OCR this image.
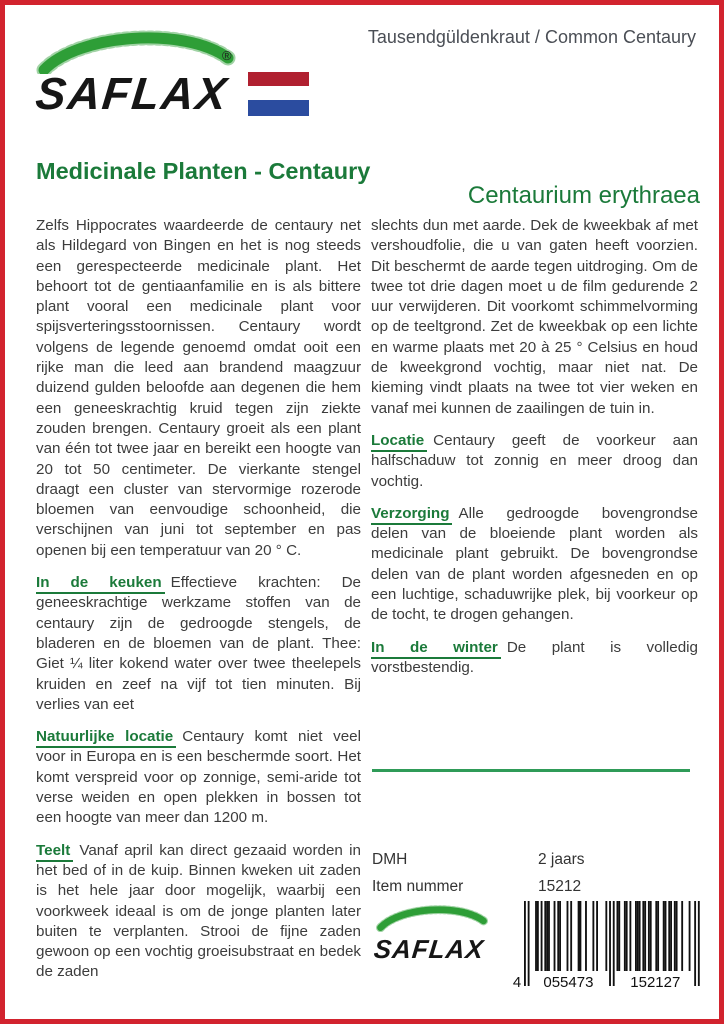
®
SAFLAX
Tausendgüldenkraut / Common Centaury
Medicinale Planten - Centaury
Centaurium erythraea

Zelfs Hippocrates waardeerde de centaury net als Hildegard von Bingen en het is nog steeds een gerespecteerde medicinale plant. Het behoort tot de gentiaanfamilie en is als bittere plant vooral een medicinale plant voor spijsverteringsstoornissen. Centaury wordt volgens de legende genoemd omdat ooit een rijke man die leed aan brandend maagzuur duizend gulden beloofde aan degenen die hem een geneeskrachtig kruid tegen zijn ziekte zouden brengen. Centaury groeit als een plant van één tot twee jaar en bereikt een hoogte van 20 tot 50 centimeter. De vierkante stengel draagt een cluster van stervormige rozerode bloemen van eenvoudige schoonheid, die verschijnen van juni tot september en pas openen bij een temperatuur van 20 ° C.

In de keuken Effectieve krachten: De geneeskrachtige werkzame stoffen van de centaury zijn de gedroogde stengels, de bladeren en de bloemen van de plant. Thee: Giet ¼ liter kokend water over twee theelepels kruiden en zeef na vijf tot tien minuten. Bij verlies van eet

Natuurlijke locatie Centaury komt niet veel voor in Europa en is een beschermde soort. Het komt verspreid voor op zonnige, semi-aride tot verse weiden en open plekken in bossen tot een hoogte van meer dan 1200 m.

Teelt Vanaf april kan direct gezaaid worden in het bed of in de kuip. Binnen kweken uit zaden is het hele jaar door mogelijk, waarbij een voorkweek ideaal is om de jonge planten later buiten te verplanten. Strooi de fijne zaden gewoon op een vochtig groeisubstraat en bedek de zaden

slechts dun met aarde. Dek de kweekbak af met vershoudfolie, die u van gaten heeft voorzien. Dit beschermt de aarde tegen uitdroging. Om de twee tot drie dagen moet u de film gedurende 2 uur verwijderen. Dit voorkomt schimmelvorming op de teeltgrond. Zet de kweekbak op een lichte en warme plaats met 20 à 25 ° Celsius en houd de kweekgrond vochtig, maar niet nat. De kieming vindt plaats na twee tot vier weken en vanaf mei kunnen de zaailingen de tuin in.

Locatie Centaury geeft de voorkeur aan halfschaduw tot zonnig en meer droog dan vochtig.

Verzorging Alle gedroogde bovengrondse delen van de bloeiende plant worden als medicinale plant gebruikt. De bovengrondse delen van de plant worden afgesneden en op een luchtige, schaduwrijke plek, bij voorkeur op de tocht, te drogen gehangen.

In de winter De plant is volledig vorstbestendig.

DMH	2 jaars
Item nummer	15212
SAFLAX
4 055473 152127
